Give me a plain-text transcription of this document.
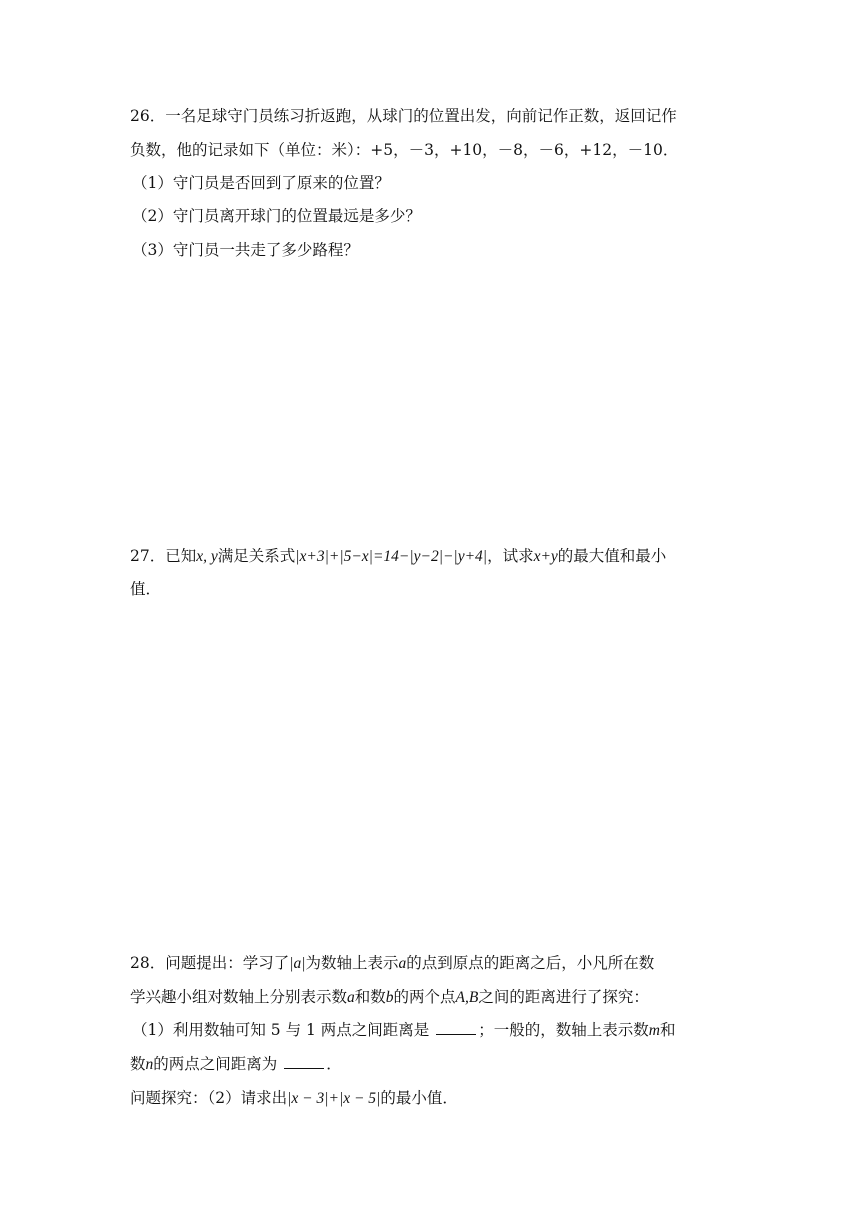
26．一名足球守门员练习折返跑，从球门的位置出发，向前记作正数，返回记作
负数，他的记录如下（单位：米）：+5，－3，+10，－8，－6，+12，－10．
（1）守门员是否回到了原来的位置？
（2）守门员离开球门的位置最远是多少？
（3）守门员一共走了多少路程？
27．已知x, y满足关系式|x+3|+|5−x|=14−|y−2|−|y+4|，试求x+y的最大值和最小
值．
28．问题提出：学习了|a|为数轴上表示a的点到原点的距离之后，小凡所在数
学兴趣小组对数轴上分别表示数a和数b的两个点A,B之间的距离进行了探究：
（1）利用数轴可知 5 与 1 两点之间距离是	；一般的，数轴上表示数m和
数n的两点之间距离为	．
问题探究：（2）请求出|x − 3|+|x − 5|的最小值．
